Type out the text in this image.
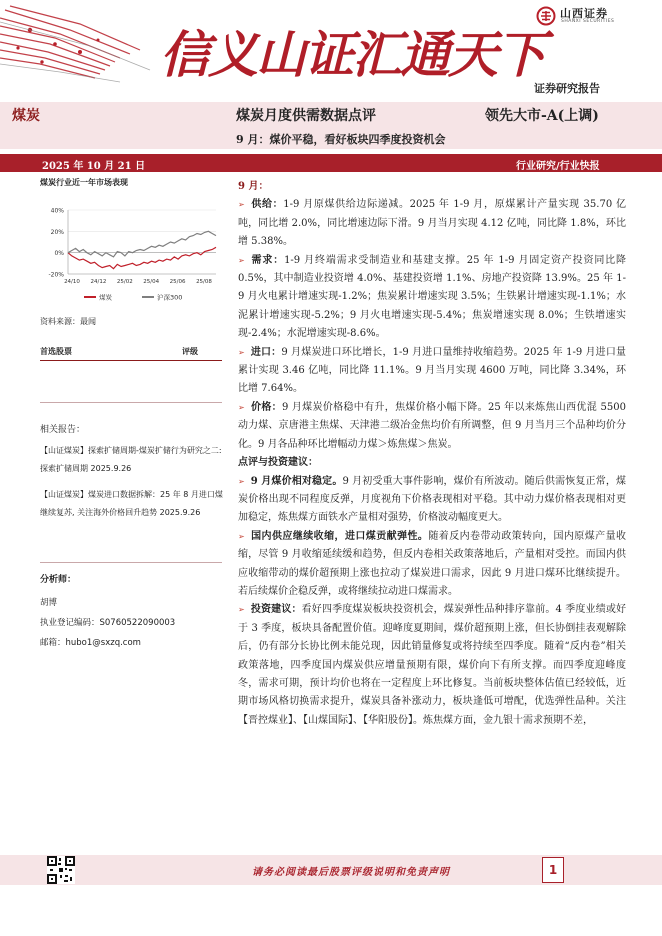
信义山证汇通天下
山西证券
SHANXI SECURITIES
证券研究报告
煤炭	煤炭月度供需数据点评	领先大市-A(上调)
9 月：煤价平稳，看好板块四季度投资机会
2025 年 10 月 21 日	行业研究/行业快报
煤炭行业近一年市场表现
40%
20%
0%
-20%
24/10 24/12 25/02 25/04 25/06 25/08
煤炭	沪深300
资料来源：最闻
首选股票	评级
相关报告：
【山证煤炭】探索扩储周期-煤炭扩储行为研究之二:探索扩储周期 2025.9.26
【山证煤炭】煤炭进口数据拆解：25 年 8 月进口煤继续复苏, 关注海外价格回升趋势 2025.9.26
分析师：
胡博
执业登记编码：S0760522090003
邮箱：hubo1@sxzq.com

9 月：

➢ 供给：1-9 月原煤供给边际递减。2025 年 1-9 月，原煤累计产量实现 35.70 亿吨，同比增 2.0%，同比增速边际下滑。9 月当月实现 4.12 亿吨，同比降 1.8%，环比增 5.38%。

➢ 需求：1-9 月终端需求受制造业和基建支撑。25 年 1-9 月固定资产投资同比降 0.5%，其中制造业投资增 4.0%、基建投资增 1.1%、房地产投资降 13.9%。25 年 1-9 月火电累计增速实现-1.2%；焦炭累计增速实现 3.5%；生铁累计增速实现-1.1%；水泥累计增速实现-5.2%；9 月火电增速实现-5.4%；焦炭增速实现 8.0%；生铁增速实现-2.4%；水泥增速实现-8.6%。

➢ 进口：9 月煤炭进口环比增长，1-9 月进口量维持收缩趋势。2025 年 1-9 月进口量累计实现 3.46 亿吨，同比降 11.1%。9 月当月实现 4600 万吨，同比降 3.34%，环比增 7.64%。

➢ 价格：9 月煤炭价格稳中有升，焦煤价格小幅下降。25 年以来炼焦山西优混 5500 动力煤、京唐港主焦煤、天津港二级冶金焦均价有所调整，但 9 月当月三个品种均价分化。9 月各品种环比增幅动力煤＞炼焦煤＞焦炭。

点评与投资建议：

➢ 9 月煤价相对稳定。9 月初受重大事件影响，煤价有所波动。随后供需恢复正常，煤炭价格出现不同程度反弹，月度视角下价格表现相对平稳。其中动力煤价格表现相对更加稳定，炼焦煤方面铁水产量相对强势，价格波动幅度更大。

➢ 国内供应继续收缩，进口煤贡献弹性。随着反内卷带动政策转向，国内原煤产量收缩，尽管 9 月收缩延续缓和趋势，但反内卷相关政策落地后，产量相对受控。而国内供应收缩带动的煤价超预期上涨也拉动了煤炭进口需求，因此 9 月进口煤环比继续提升。若后续煤价企稳反弹，或将继续拉动进口煤需求。

➢ 投资建议：看好四季度煤炭板块投资机会，煤炭弹性品种排序靠前。4 季度业绩或好于 3 季度，板块具备配置价值。迎峰度夏期间，煤价超预期上涨，但长协倒挂表观解除后，仍有部分长协比例未能兑现，因此销量修复或将持续至四季度。随着“反内卷”相关政策落地，四季度国内煤炭供应增量预期有限，煤价向下有所支撑。而四季度迎峰度冬，需求可期，预计均价也将在一定程度上环比修复。当前板块整体估值已经较低，近期市场风格切换需求提升，煤炭具备补涨动力，板块逢低可增配，优选弹性品种。关注【晋控煤业】、【山煤国际】、【华阳股份】。炼焦煤方面，金九银十需求预期不差，

请务必阅读最后股票评级说明和免责声明	1
